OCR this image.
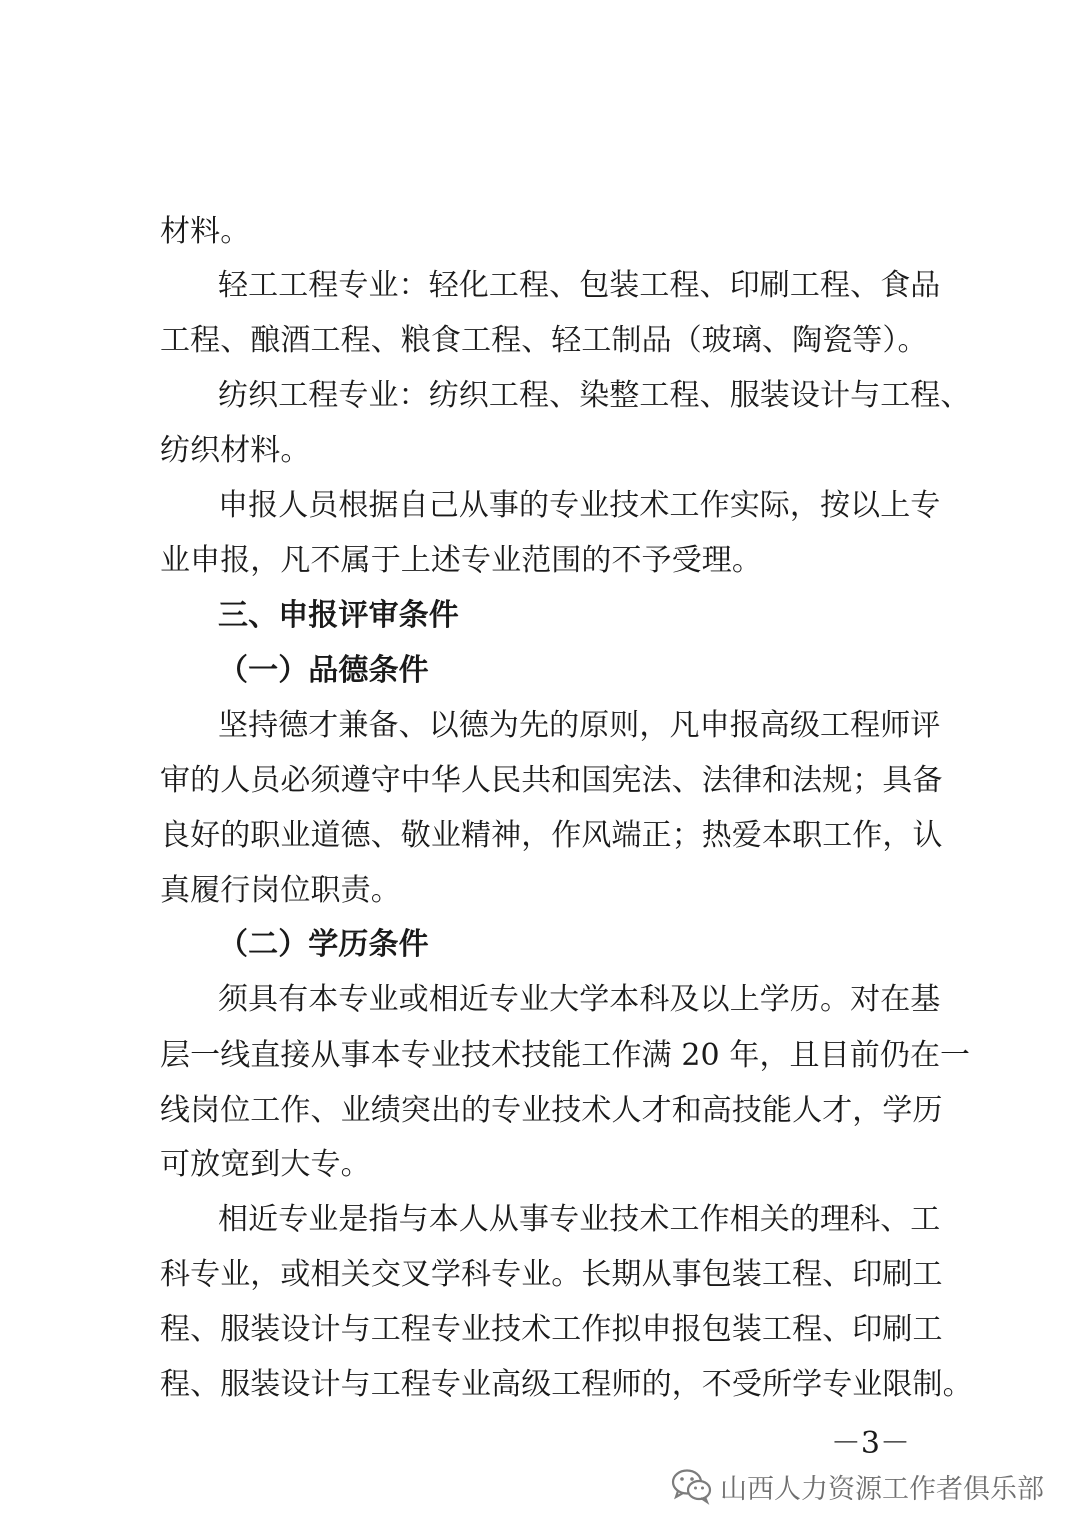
材料。
轻工工程专业：轻化工程、包装工程、印刷工程、食品
工程、酿酒工程、粮食工程、轻工制品（玻璃、陶瓷等）。
纺织工程专业：纺织工程、染整工程、服装设计与工程、
纺织材料。
申报人员根据自己从事的专业技术工作实际，按以上专
业申报，凡不属于上述专业范围的不予受理。
三、申报评审条件
（一）品德条件
坚持德才兼备、以德为先的原则，凡申报高级工程师评
审的人员必须遵守中华人民共和国宪法、法律和法规；具备
良好的职业道德、敬业精神，作风端正；热爱本职工作，认
真履行岗位职责。
（二）学历条件
须具有本专业或相近专业大学本科及以上学历。对在基
层一线直接从事本专业技术技能工作满 20 年，且目前仍在一
线岗位工作、业绩突出的专业技术人才和高技能人才，学历
可放宽到大专。
相近专业是指与本人从事专业技术工作相关的理科、工
科专业，或相关交叉学科专业。长期从事包装工程、印刷工
程、服装设计与工程专业技术工作拟申报包装工程、印刷工
程、服装设计与工程专业高级工程师的，不受所学专业限制。
－3－
山西人力资源工作者俱乐部
